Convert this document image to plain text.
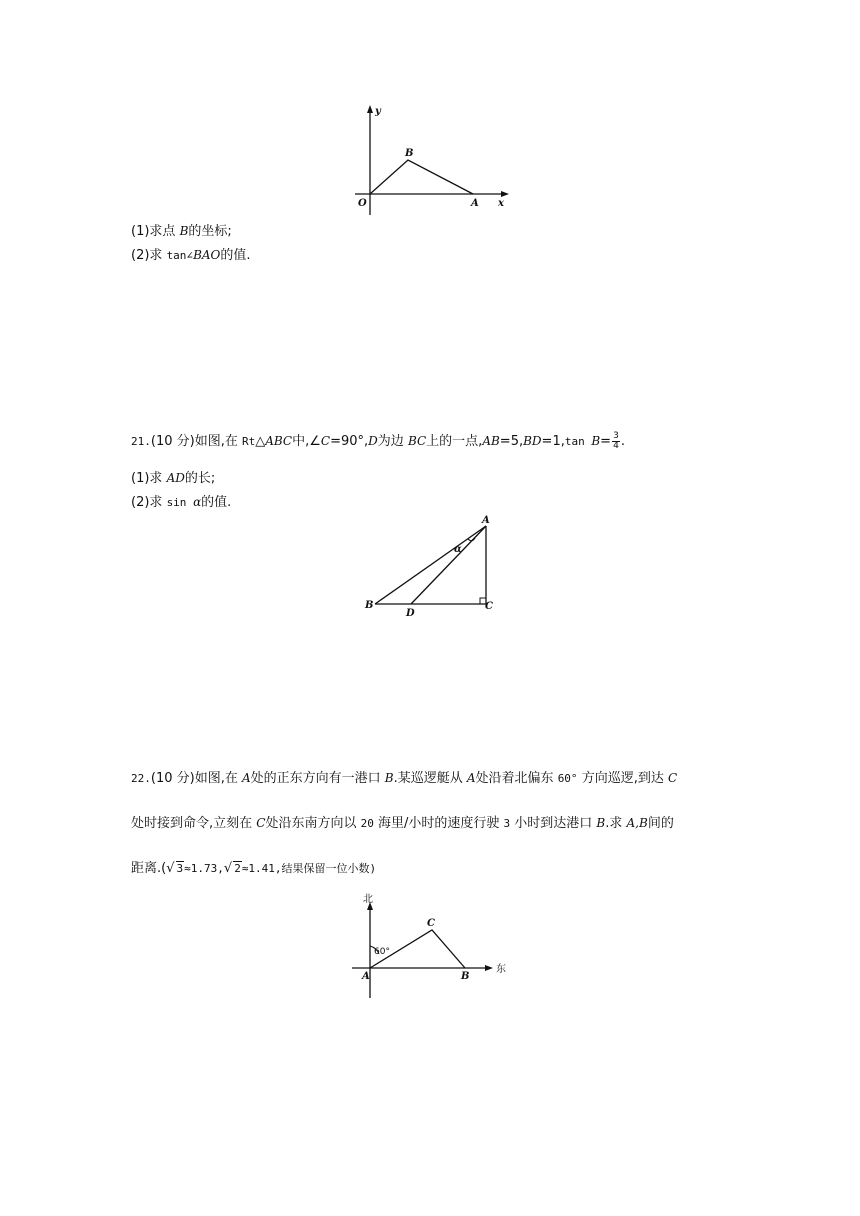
y
B
O	A x
(1)求点 B的坐标;
(2)求 tan∠BAO的值.
21.(10 分)如图,在 Rt△ABC中,∠C=90°,D为边 BC上的一点,AB=5,BD=1,tan $B= \frac{3}{4}$ .
(1)求 AD的长;
(2)求 sin α的值.
A
α
B
D
C
22.(10 分)如图,在 A处的正东方向有一港口 B.某巡逻艇从 A处沿着北偏东 60° 方向巡逻,到达 C
处时接到命令,立刻在 C处沿东南方向以 20 海里/小时的速度行驶 3 小时到达港口 B.求 A,B间的
距离.(√ 3≈1.73,√ 2≈1.41,结果保留一位小数)
北
C
60°
A	B
东
